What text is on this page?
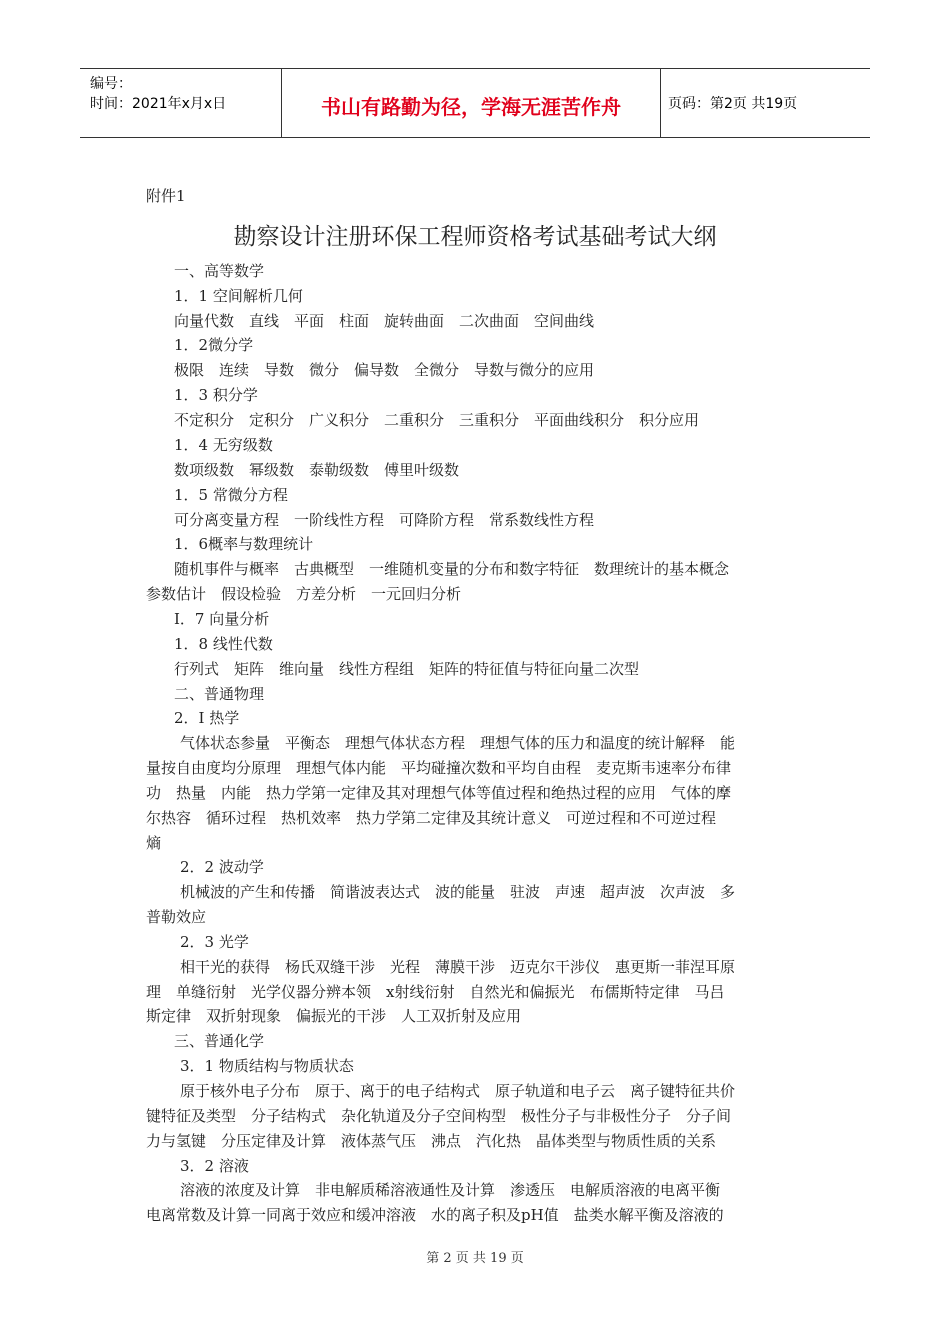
编号：
时间：2021年x月x日	书山有路勤为径，学海无涯苦作舟	页码：第2页 共19页
附件1
勘察设计注册环保工程师资格考试基础考试大纲
一、高等数学
1．1 空间解析几何
向量代数　直线　平面　柱面　旋转曲面　二次曲面　空间曲线
1．2微分学
极限　连续　导数　微分　偏导数　全微分　导数与微分的应用
1．3 积分学
不定积分　定积分　广义积分　二重积分　三重积分　平面曲线积分　积分应用
1．4 无穷级数
数项级数　幂级数　泰勒级数　傅里叶级数
1．5 常微分方程
可分离变量方程　一阶线性方程　可降阶方程　常系数线性方程
1．6概率与数理统计
随机事件与概率　古典概型　一维随机变量的分布和数字特征　数理统计的基本概念
参数估计　假设检验　方差分析　一元回归分析
I．7 向量分析
1．8 线性代数
行列式　矩阵　维向量　线性方程组　矩阵的特征值与特征向量二次型
二、普通物理
2．I 热学
气体状态参量　平衡态　理想气体状态方程　理想气体的压力和温度的统计解释　能
量按自由度均分原理　理想气体内能　平均碰撞次数和平均自由程　麦克斯韦速率分布律
功　热量　内能　热力学第一定律及其对理想气体等值过程和绝热过程的应用　气体的摩
尔热容　循环过程　热机效率　热力学第二定律及其统计意义　可逆过程和不可逆过程
熵
2．2 波动学
机械波的产生和传播　简谐波表达式　波的能量　驻波　声速　超声波　次声波　多
普勒效应
2．3 光学
相干光的获得　杨氏双缝干涉　光程　薄膜干涉　迈克尔干涉仪　惠更斯一菲涅耳原
理　单缝衍射　光学仪器分辨本领　x射线衍射　自然光和偏振光　布儒斯特定律　马吕
斯定律　双折射现象　偏振光的干涉　人工双折射及应用
三、普通化学
3．1 物质结构与物质状态
原于核外电子分布　原于、离于的电子结构式　原子轨道和电子云　离子键特征共价
键特征及类型　分子结构式　杂化轨道及分子空间构型　极性分子与非极性分子　分子间
力与氢键　分压定律及计算　液体蒸气压　沸点　汽化热　晶体类型与物质性质的关系
3．2 溶液
溶液的浓度及计算　非电解质稀溶液通性及计算　渗透压　电解质溶液的电离平衡
电离常数及计算一同离于效应和缓冲溶液　水的离子积及pH值　盐类水解平衡及溶液的
第 2 页 共 19 页
